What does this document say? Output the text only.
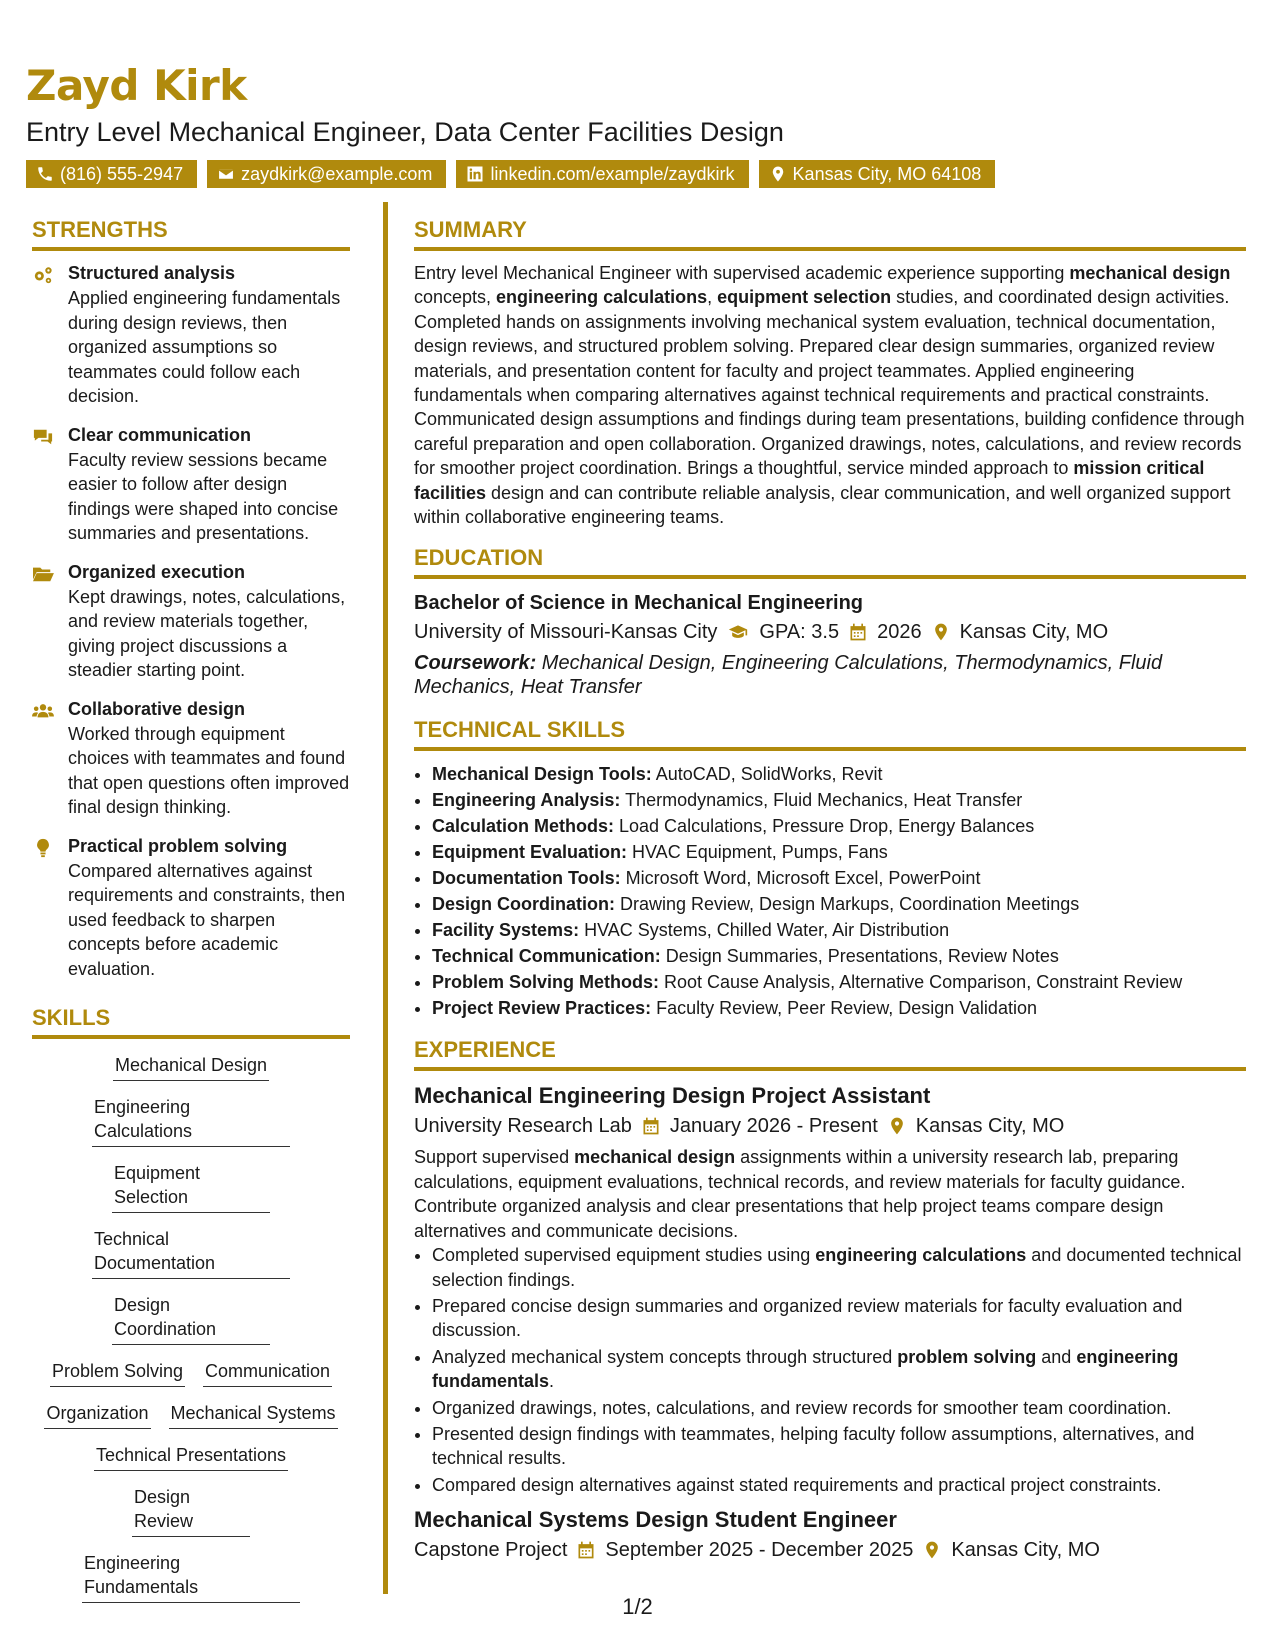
Zayd Kirk
Entry Level Mechanical Engineer, Data Center Facilities Design
(816) 555-2947	zaydkirk@example.com	linkedin.com/example/zaydkirk	Kansas City, MO 64108
STRENGTHS
Structured analysis
Applied engineering fundamentals during design reviews, then organized assumptions so teammates could follow each decision.
Clear communication
Faculty review sessions became easier to follow after design findings were shaped into concise summaries and presentations.
Organized execution
Kept drawings, notes, calculations, and review materials together, giving project discussions a steadier starting point.
Collaborative design
Worked through equipment choices with teammates and found that open questions often improved final design thinking.
Practical problem solving
Compared alternatives against requirements and constraints, then used feedback to sharpen concepts before academic evaluation.
SKILLS
Mechanical Design
Engineering Calculations
Equipment Selection
Technical Documentation
Design Coordination
Problem Solving Communication
Organization Mechanical Systems
Technical Presentations
Design Review
Engineering Fundamentals
SUMMARY
Entry level Mechanical Engineer with supervised academic experience supporting mechanical design concepts, engineering calculations, equipment selection studies, and coordinated design activities. Completed hands on assignments involving mechanical system evaluation, technical documentation, design reviews, and structured problem solving. Prepared clear design summaries, organized review materials, and presentation content for faculty and project teammates. Applied engineering fundamentals when comparing alternatives against technical requirements and practical constraints. Communicated design assumptions and findings during team presentations, building confidence through careful preparation and open collaboration. Organized drawings, notes, calculations, and review records for smoother project coordination. Brings a thoughtful, service minded approach to mission critical facilities design and can contribute reliable analysis, clear communication, and well organized support within collaborative engineering teams.
EDUCATION
Bachelor of Science in Mechanical Engineering
University of Missouri-Kansas City GPA: 3.5 2026 Kansas City, MO
Coursework: Mechanical Design, Engineering Calculations, Thermodynamics, Fluid Mechanics, Heat Transfer
TECHNICAL SKILLS
• Mechanical Design Tools: AutoCAD, SolidWorks, Revit
• Engineering Analysis: Thermodynamics, Fluid Mechanics, Heat Transfer
• Calculation Methods: Load Calculations, Pressure Drop, Energy Balances
• Equipment Evaluation: HVAC Equipment, Pumps, Fans
• Documentation Tools: Microsoft Word, Microsoft Excel, PowerPoint
• Design Coordination: Drawing Review, Design Markups, Coordination Meetings
• Facility Systems: HVAC Systems, Chilled Water, Air Distribution
• Technical Communication: Design Summaries, Presentations, Review Notes
• Problem Solving Methods: Root Cause Analysis, Alternative Comparison, Constraint Review
• Project Review Practices: Faculty Review, Peer Review, Design Validation
EXPERIENCE
Mechanical Engineering Design Project Assistant
University Research Lab January 2026 - Present Kansas City, MO
Support supervised mechanical design assignments within a university research lab, preparing calculations, equipment evaluations, technical records, and review materials for faculty guidance. Contribute organized analysis and clear presentations that help project teams compare design alternatives and communicate decisions.
• Completed supervised equipment studies using engineering calculations and documented technical selection findings.
• Prepared concise design summaries and organized review materials for faculty evaluation and discussion.
• Analyzed mechanical system concepts through structured problem solving and engineering fundamentals.
• Organized drawings, notes, calculations, and review records for smoother team coordination.
• Presented design findings with teammates, helping faculty follow assumptions, alternatives, and technical results.
• Compared design alternatives against stated requirements and practical project constraints.
Mechanical Systems Design Student Engineer
Capstone Project September 2025 - December 2025 Kansas City, MO
1/2
